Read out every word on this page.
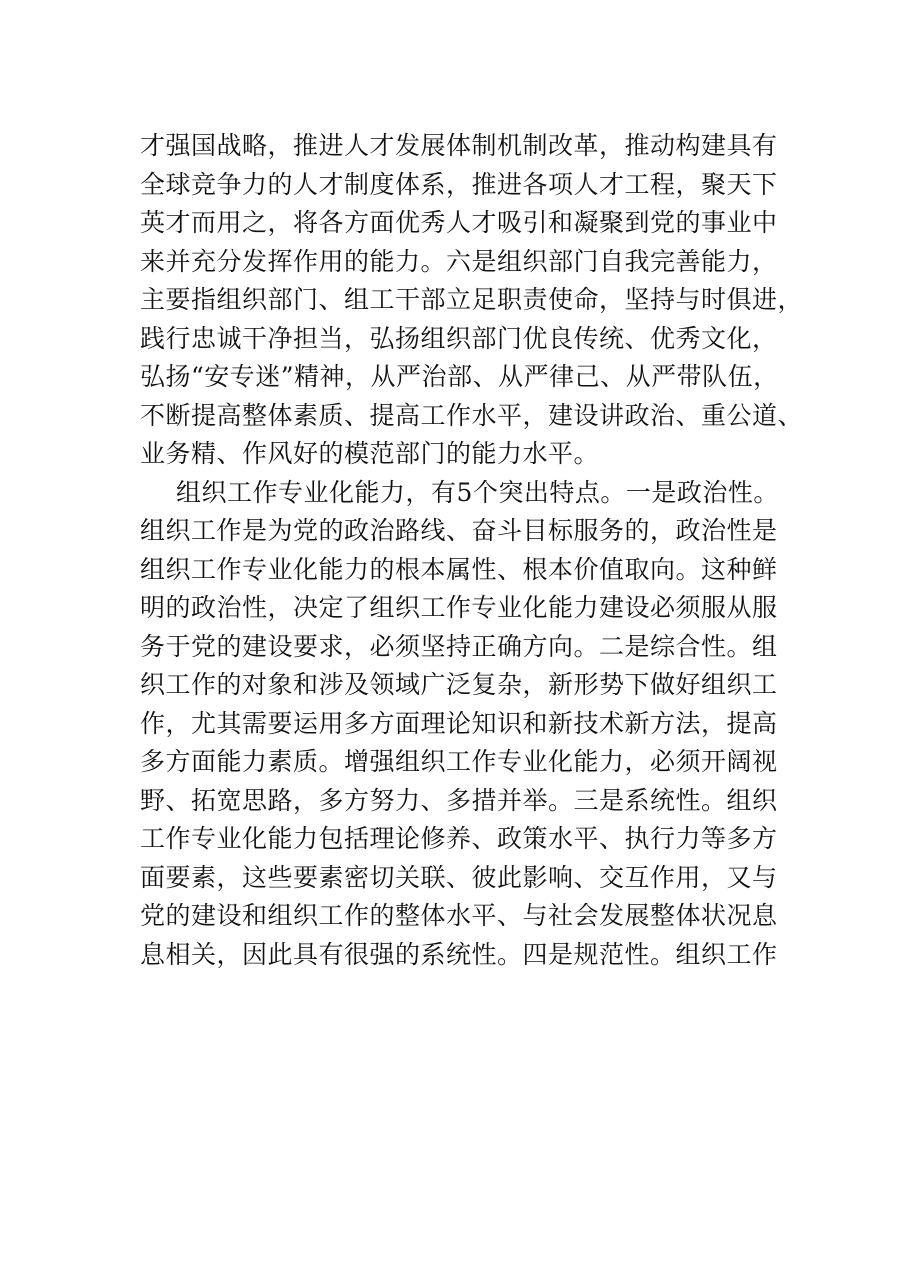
才强国战略，推进人才发展体制机制改革，推动构建具有
全球竞争力的人才制度体系，推进各项人才工程，聚天下
英才而用之，将各方面优秀人才吸引和凝聚到党的事业中
来并充分发挥作用的能力。六是组织部门自我完善能力，
主要指组织部门、组工干部立足职责使命，坚持与时俱进，
践行忠诚干净担当，弘扬组织部门优良传统、优秀文化，
弘扬“安专迷”精神，从严治部、从严律己、从严带队伍，
不断提高整体素质、提高工作水平，建设讲政治、重公道、
业务精、作风好的模范部门的能力水平。
组织工作专业化能力，有5个突出特点。一是政治性。
组织工作是为党的政治路线、奋斗目标服务的，政治性是
组织工作专业化能力的根本属性、根本价值取向。这种鲜
明的政治性，决定了组织工作专业化能力建设必须服从服
务于党的建设要求，必须坚持正确方向。二是综合性。组
织工作的对象和涉及领域广泛复杂，新形势下做好组织工
作，尤其需要运用多方面理论知识和新技术新方法，提高
多方面能力素质。增强组织工作专业化能力，必须开阔视
野、拓宽思路，多方努力、多措并举。三是系统性。组织
工作专业化能力包括理论修养、政策水平、执行力等多方
面要素，这些要素密切关联、彼此影响、交互作用，又与
党的建设和组织工作的整体水平、与社会发展整体状况息
息相关，因此具有很强的系统性。四是规范性。组织工作
